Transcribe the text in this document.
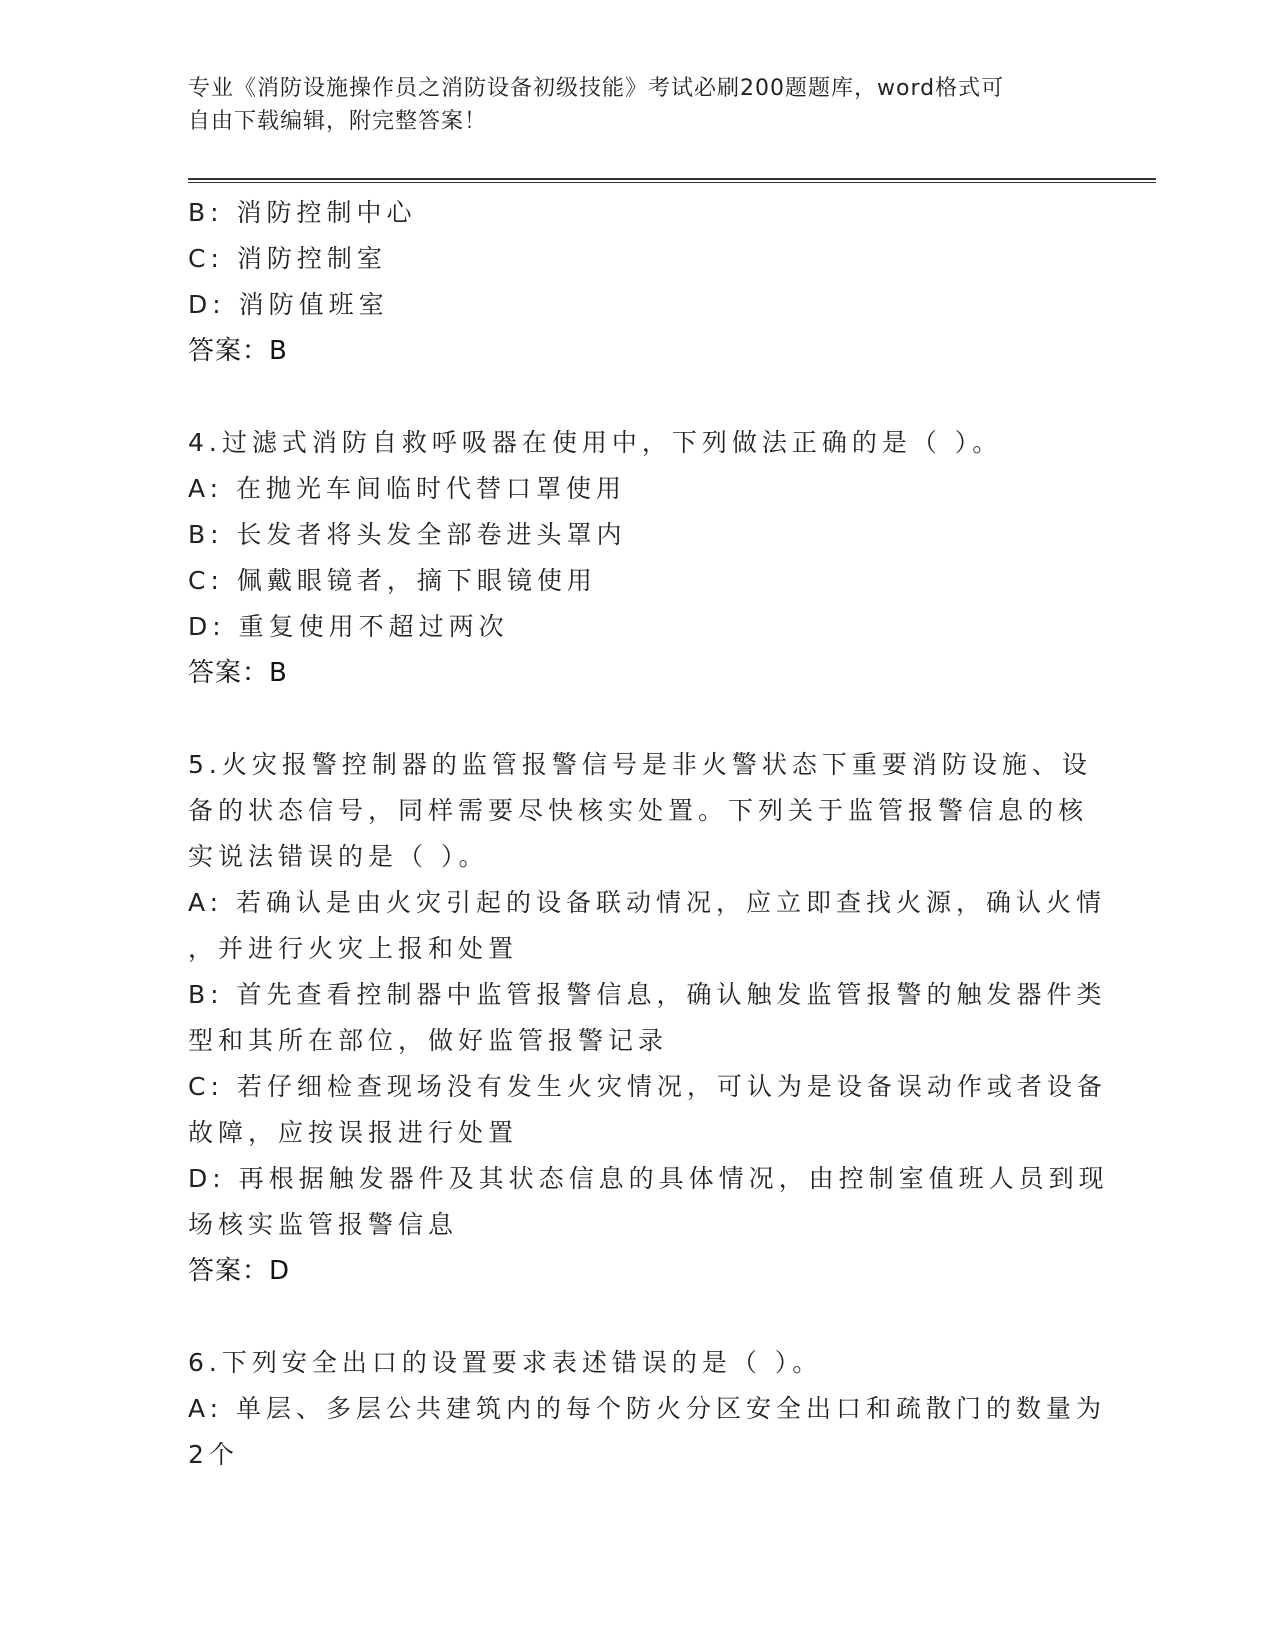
专业《消防设施操作员之消防设备初级技能》考试必刷200题题库，word格式可
自由下载编辑，附完整答案！
B: 消防控制中心
C: 消防控制室
D: 消防值班室
答案：B
4.过滤式消防自救呼吸器在使用中，下列做法正确的是（ ）。
A: 在抛光车间临时代替口罩使用
B: 长发者将头发全部卷进头罩内
C: 佩戴眼镜者，摘下眼镜使用
D: 重复使用不超过两次
答案：B
5.火灾报警控制器的监管报警信号是非火警状态下重要消防设施、设
备的状态信号，同样需要尽快核实处置。下列关于监管报警信息的核
实说法错误的是（ ）。
A: 若确认是由火灾引起的设备联动情况，应立即查找火源，确认火情
，并进行火灾上报和处置
B: 首先查看控制器中监管报警信息，确认触发监管报警的触发器件类
型和其所在部位，做好监管报警记录
C: 若仔细检查现场没有发生火灾情况，可认为是设备误动作或者设备
故障，应按误报进行处置
D: 再根据触发器件及其状态信息的具体情况，由控制室值班人员到现
场核实监管报警信息
答案：D
6.下列安全出口的设置要求表述错误的是（ ）。
A: 单层、多层公共建筑内的每个防火分区安全出口和疏散门的数量为
2个
